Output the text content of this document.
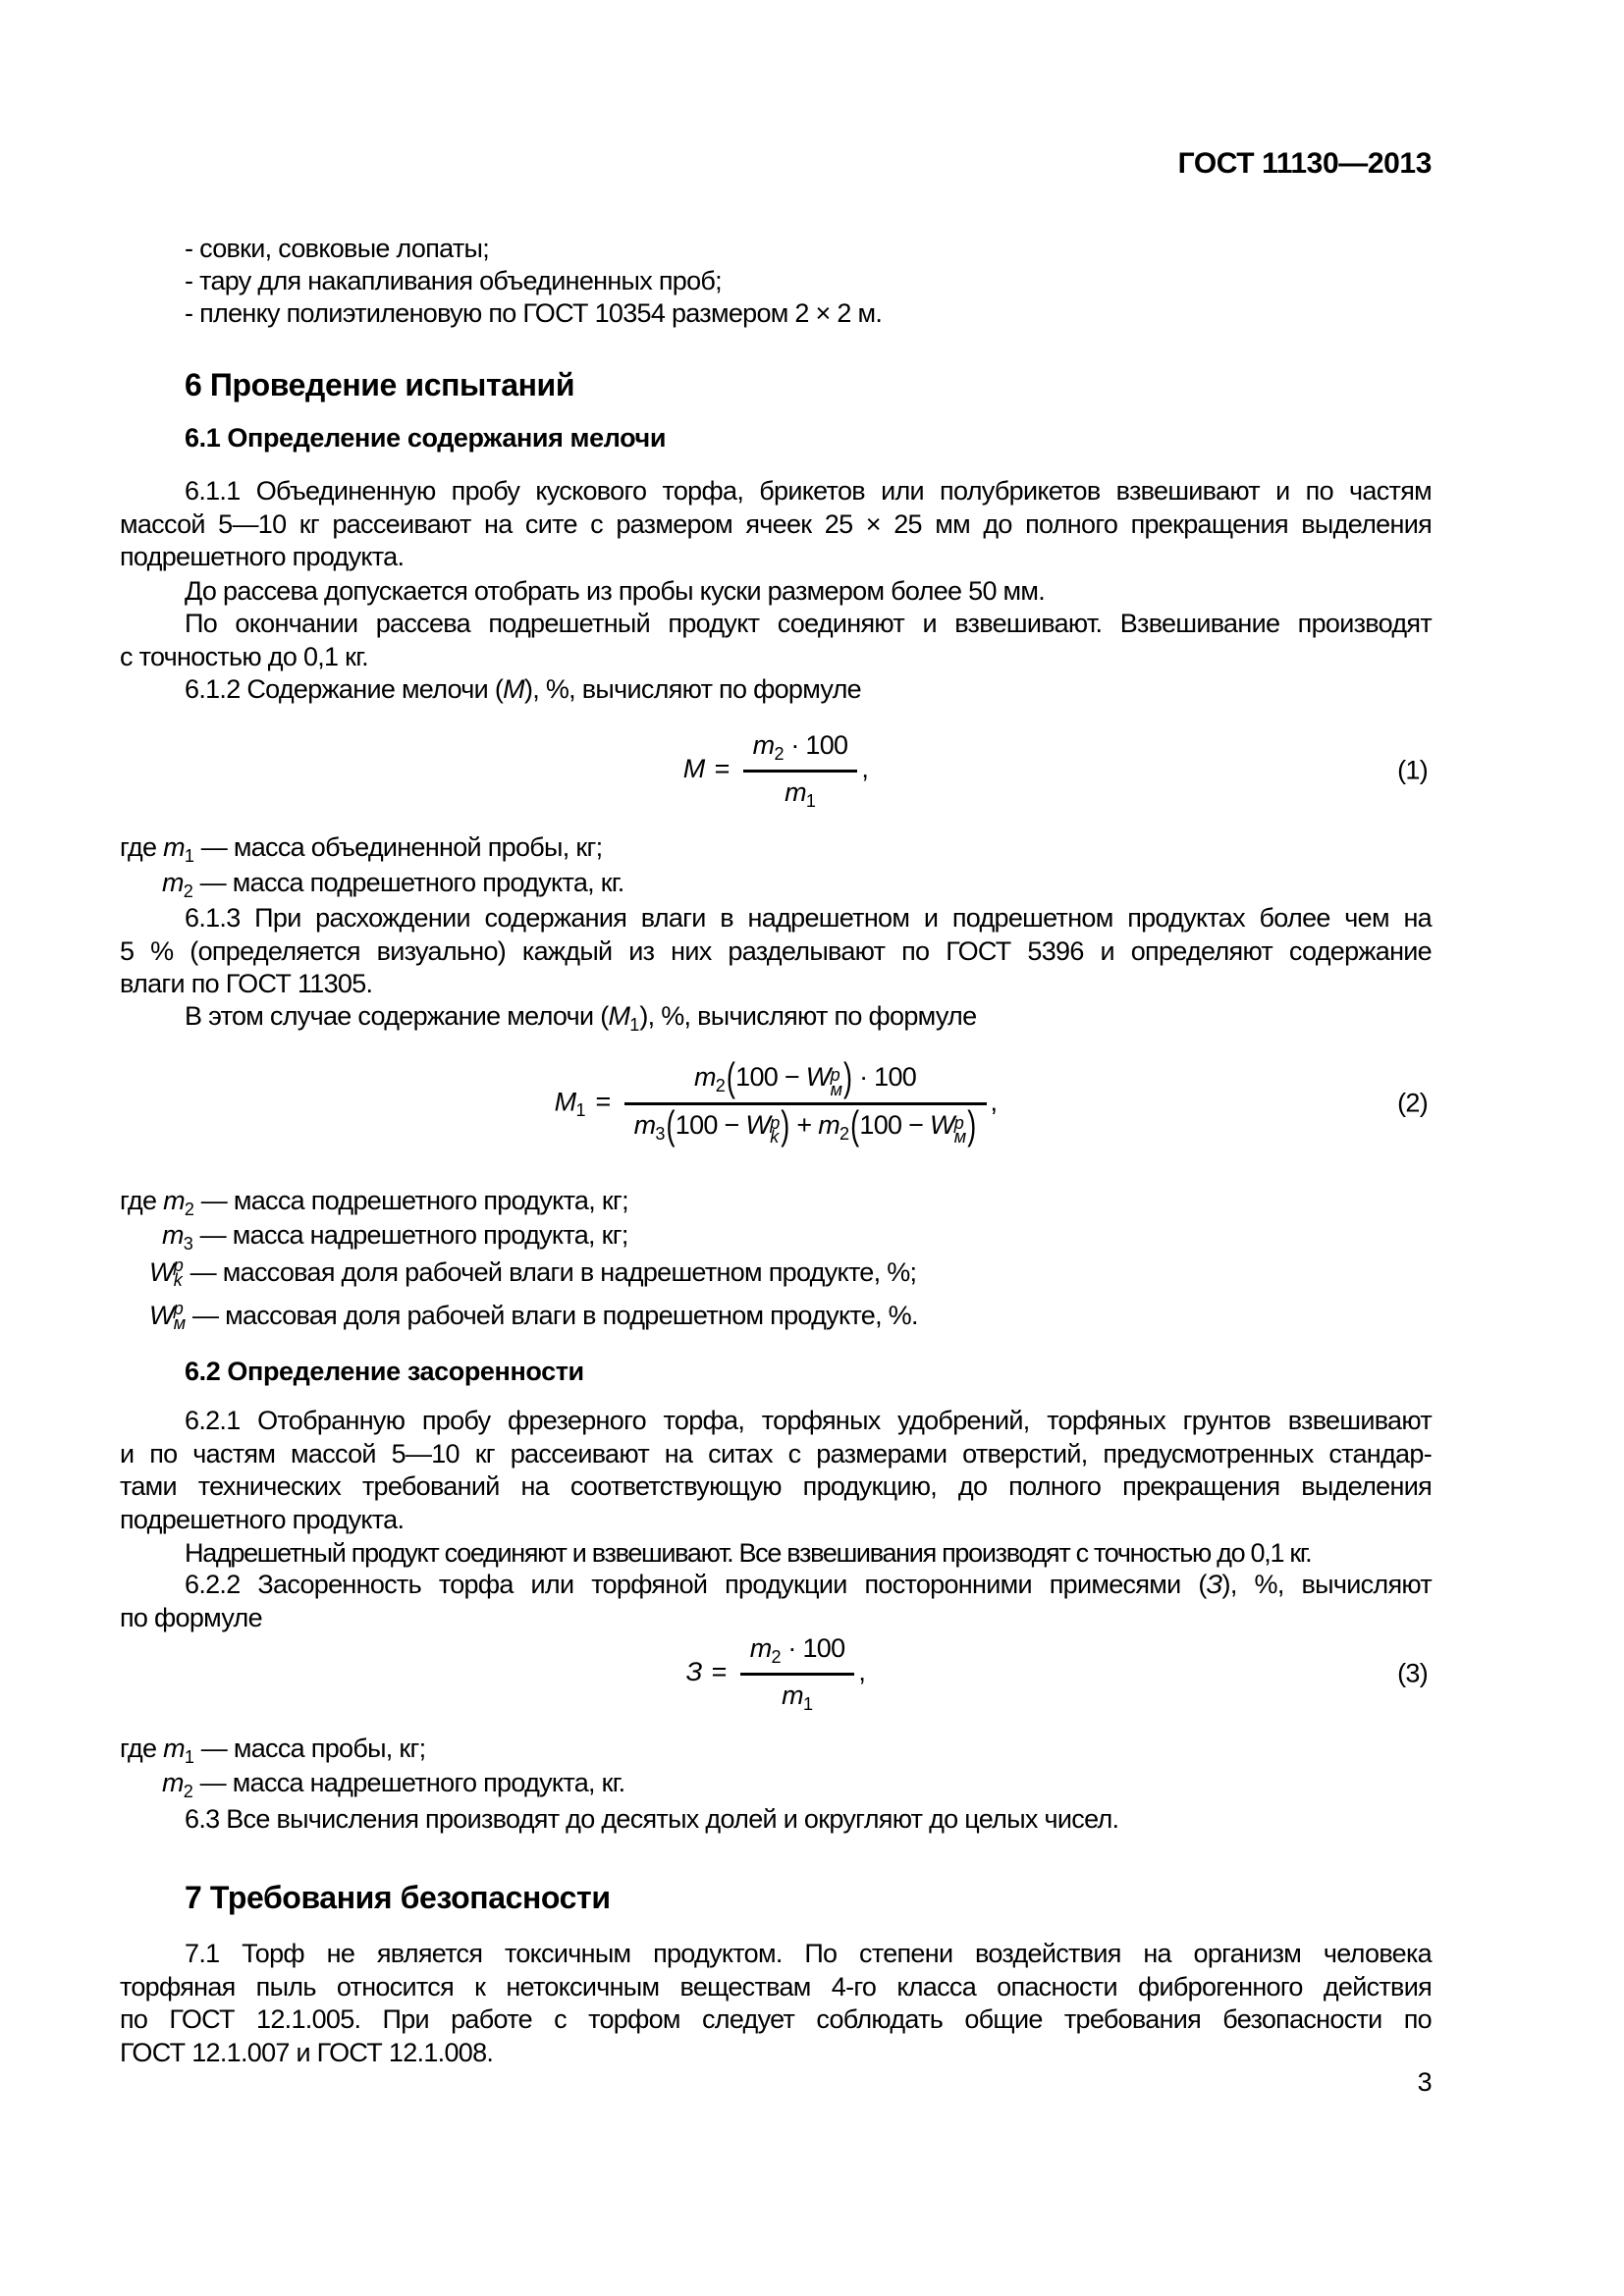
ГОСТ 11130—2013
- совки, совковые лопаты;
- тару для накапливания объединенных проб;
- пленку полиэтиленовую по ГОСТ 10354 размером 2 × 2 м.
6 Проведение испытаний
6.1 Определение содержания мелочи
6.1.1 Объединенную пробу кускового торфа, брикетов или полубрикетов взвешивают и по частям
массой 5—10 кг рассеивают на сите с размером ячеек 25 × 25 мм до полного прекращения выделения
подрешетного продукта.
До рассева допускается отобрать из пробы куски размером более 50 мм.
По окончании рассева подрешетный продукт соединяют и взвешивают. Взвешивание производят
с точностью до 0,1 кг.
6.1.2 Содержание мелочи (М), %, вычисляют по формуле
$M = \frac{m_2 \cdot 100}{m_1}$ ,	(1)
где $m_1$ — масса объединенной пробы, кг;
$m_2$ — масса подрешетного продукта, кг.
6.1.3 При расхождении содержания влаги в надрешетном и подрешетном продуктах более чем на
5 % (определяется визуально) каждый из них разделывают по ГОСТ 5396 и определяют содержание
влаги по ГОСТ 11305.
В этом случае содержание мелочи $(М_1)$, %, вычисляют по формуле
$M_1 = m_2(100 - W$ p
м ) · 100
$m_3(100 - W$ p
k ) + $m_2(100 - W$ p
м ) ,	(2)
где $m_2$ — масса подрешетного продукта, кг;
$m_3$ — масса надрешетного продукта, кг;
W p
k — массовая доля рабочей влаги в надрешетном продукте, %;
W p
м — массовая доля рабочей влаги в подрешетном продукте, %.
6.2 Определение засоренности
6.2.1 Отобранную пробу фрезерного торфа, торфяных удобрений, торфяных грунтов взвешивают
и по частям массой 5—10 кг рассеивают на ситах с размерами отверстий, предусмотренных стандар-
тами технических требований на соответствующую продукцию, до полного прекращения выделения
подрешетного продукта.
Надрешетный продукт соединяют и взвешивают. Все взвешивания производят с точностью до 0,1 кг.
6.2.2 Засоренность торфа или торфяной продукции посторонними примесями (З), %, вычисляют
по формуле
$З = \frac{m_2 \cdot 100}{m_1}$ ,	(3)
где $m_1$ — масса пробы, кг;
$m_2$ — масса надрешетного продукта, кг.
6.3 Все вычисления производят до десятых долей и округляют до целых чисел.
7 Требования безопасности
7.1 Торф не является токсичным продуктом. По степени воздействия на организм человека
торфяная пыль относится к нетоксичным веществам 4-го класса опасности фиброгенного действия
по ГОСТ 12.1.005. При работе с торфом следует соблюдать общие требования безопасности по
ГОСТ 12.1.007 и ГОСТ 12.1.008.
3
